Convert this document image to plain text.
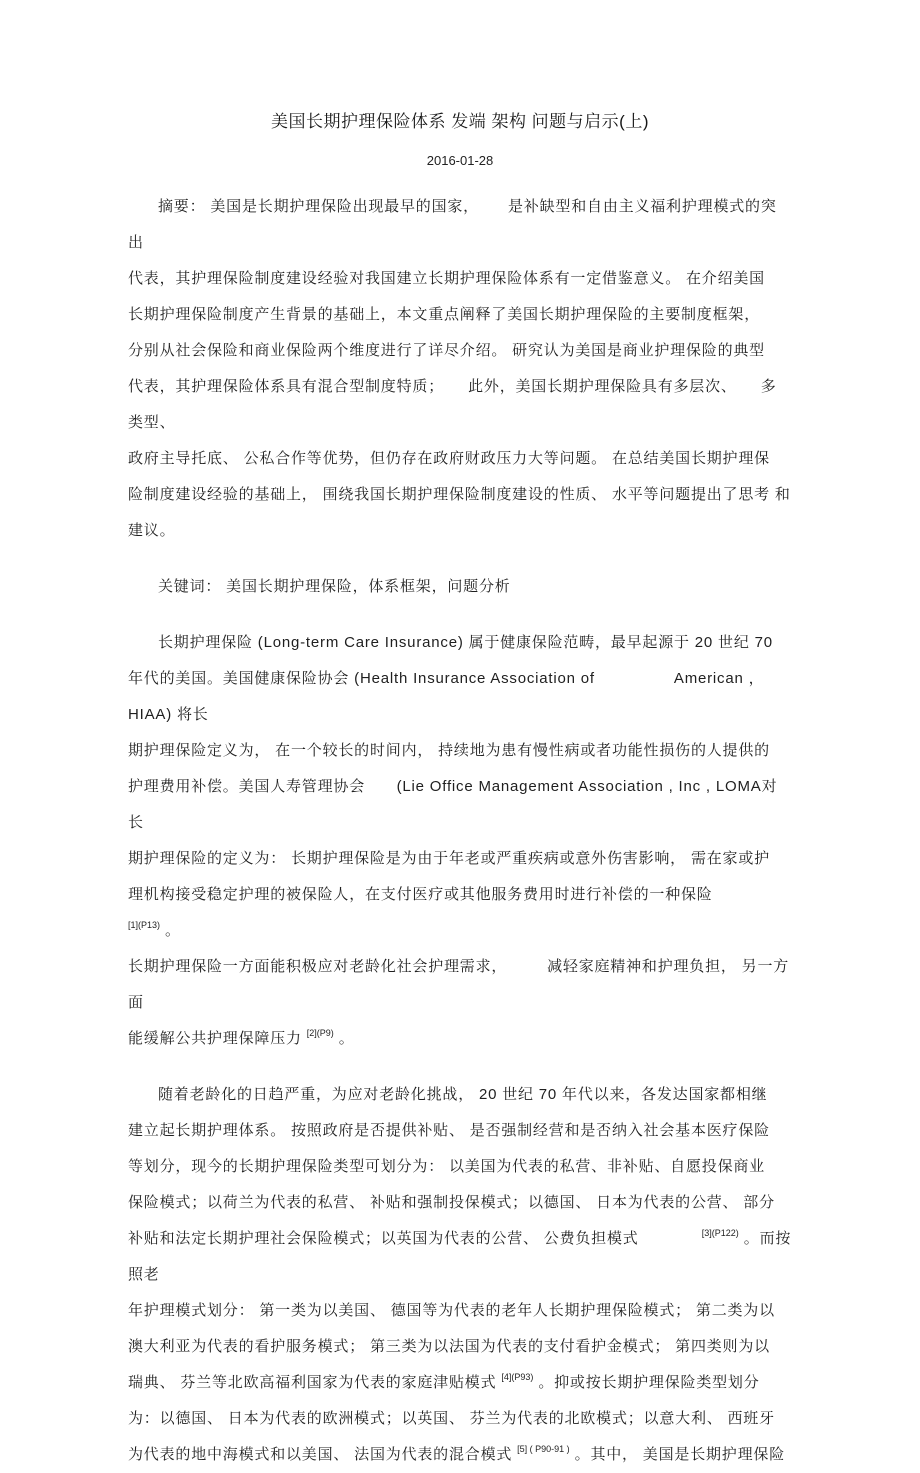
美国长期护理保险体系 发端 架构 问题与启示(上)
2016-01-28

摘要： 美国是长期护理保险出现最早的国家，　　 是补缺型和自由主义福利护理模式的突出
代表，其护理保险制度建设经验对我国建立长期护理保险体系有一定借鉴意义。 在介绍美国
长期护理保险制度产生背景的基础上，本文重点阐释了美国长期护理保险的主要制度框架，
分别从社会保险和商业保险两个维度进行了详尽介绍。 研究认为美国是商业护理保险的典型
代表，其护理保险体系具有混合型制度特质；　　此外，美国长期护理保险具有多层次、　　多类型、
政府主导托底、 公私合作等优势，但仍存在政府财政压力大等问题。 在总结美国长期护理保
险制度建设经验的基础上， 围绕我国长期护理保险制度建设的性质、 水平等问题提出了思考 和建议。

关键词： 美国长期护理保险，体系框架，问题分析

长期护理保险 (Long-term Care Insurance) 属于健康保险范畴，最早起源于 20 世纪 70
年代的美国。美国健康保险协会 (Health Insurance Association of　　　　　American ， HIAA) 将长
期护理保险定义为， 在一个较长的时间内， 持续地为患有慢性病或者功能性损伤的人提供的
护理费用补偿。美国人寿管理协会　　(Lie Office Management Association , Inc , LOMA对长
期护理保险的定义为： 长期护理保险是为由于年老或严重疾病或意外伤害影响， 需在家或护
理机构接受稳定护理的被保险人，在支付医疗或其他服务费用时进行补偿的一种保险　　　　　$^{[1](P13)}$ 。
长期护理保险一方面能积极应对老龄化社会护理需求，　　　减轻家庭精神和护理负担， 另一方面
能缓解公共护理保障压力 $^{[2](P9)}$ 。

随着老龄化的日趋严重，为应对老龄化挑战， 20 世纪 70 年代以来，各发达国家都相继
建立起长期护理体系。 按照政府是否提供补贴、 是否强制经营和是否纳入社会基本医疗保险
等划分，现今的长期护理保险类型可划分为： 以美国为代表的私营、非补贴、自愿投保商业
保险模式；以荷兰为代表的私营、 补贴和强制投保模式；以德国、 日本为代表的公营、 部分
补贴和法定长期护理社会保险模式；以英国为代表的公营、 公费负担模式　　　　$^{[3](P122)}$ 。而按照老
年护理模式划分： 第一类为以美国、 德国等为代表的老年人长期护理保险模式； 第二类为以
澳大利亚为代表的看护服务模式； 第三类为以法国为代表的支付看护金模式； 第四类则为以
瑞典、 芬兰等北欧高福利国家为代表的家庭津贴模式 $^{[4](P93)}$ 。抑或按长期护理保险类型划分
为：以德国、 日本为代表的欧洲模式；以英国、 芬兰为代表的北欧模式；以意大利、 西班牙
为代表的地中海模式和以美国、 法国为代表的混合模式 $^{[5] ( P90-91 )}$ 。其中， 美国是长期护理保险
